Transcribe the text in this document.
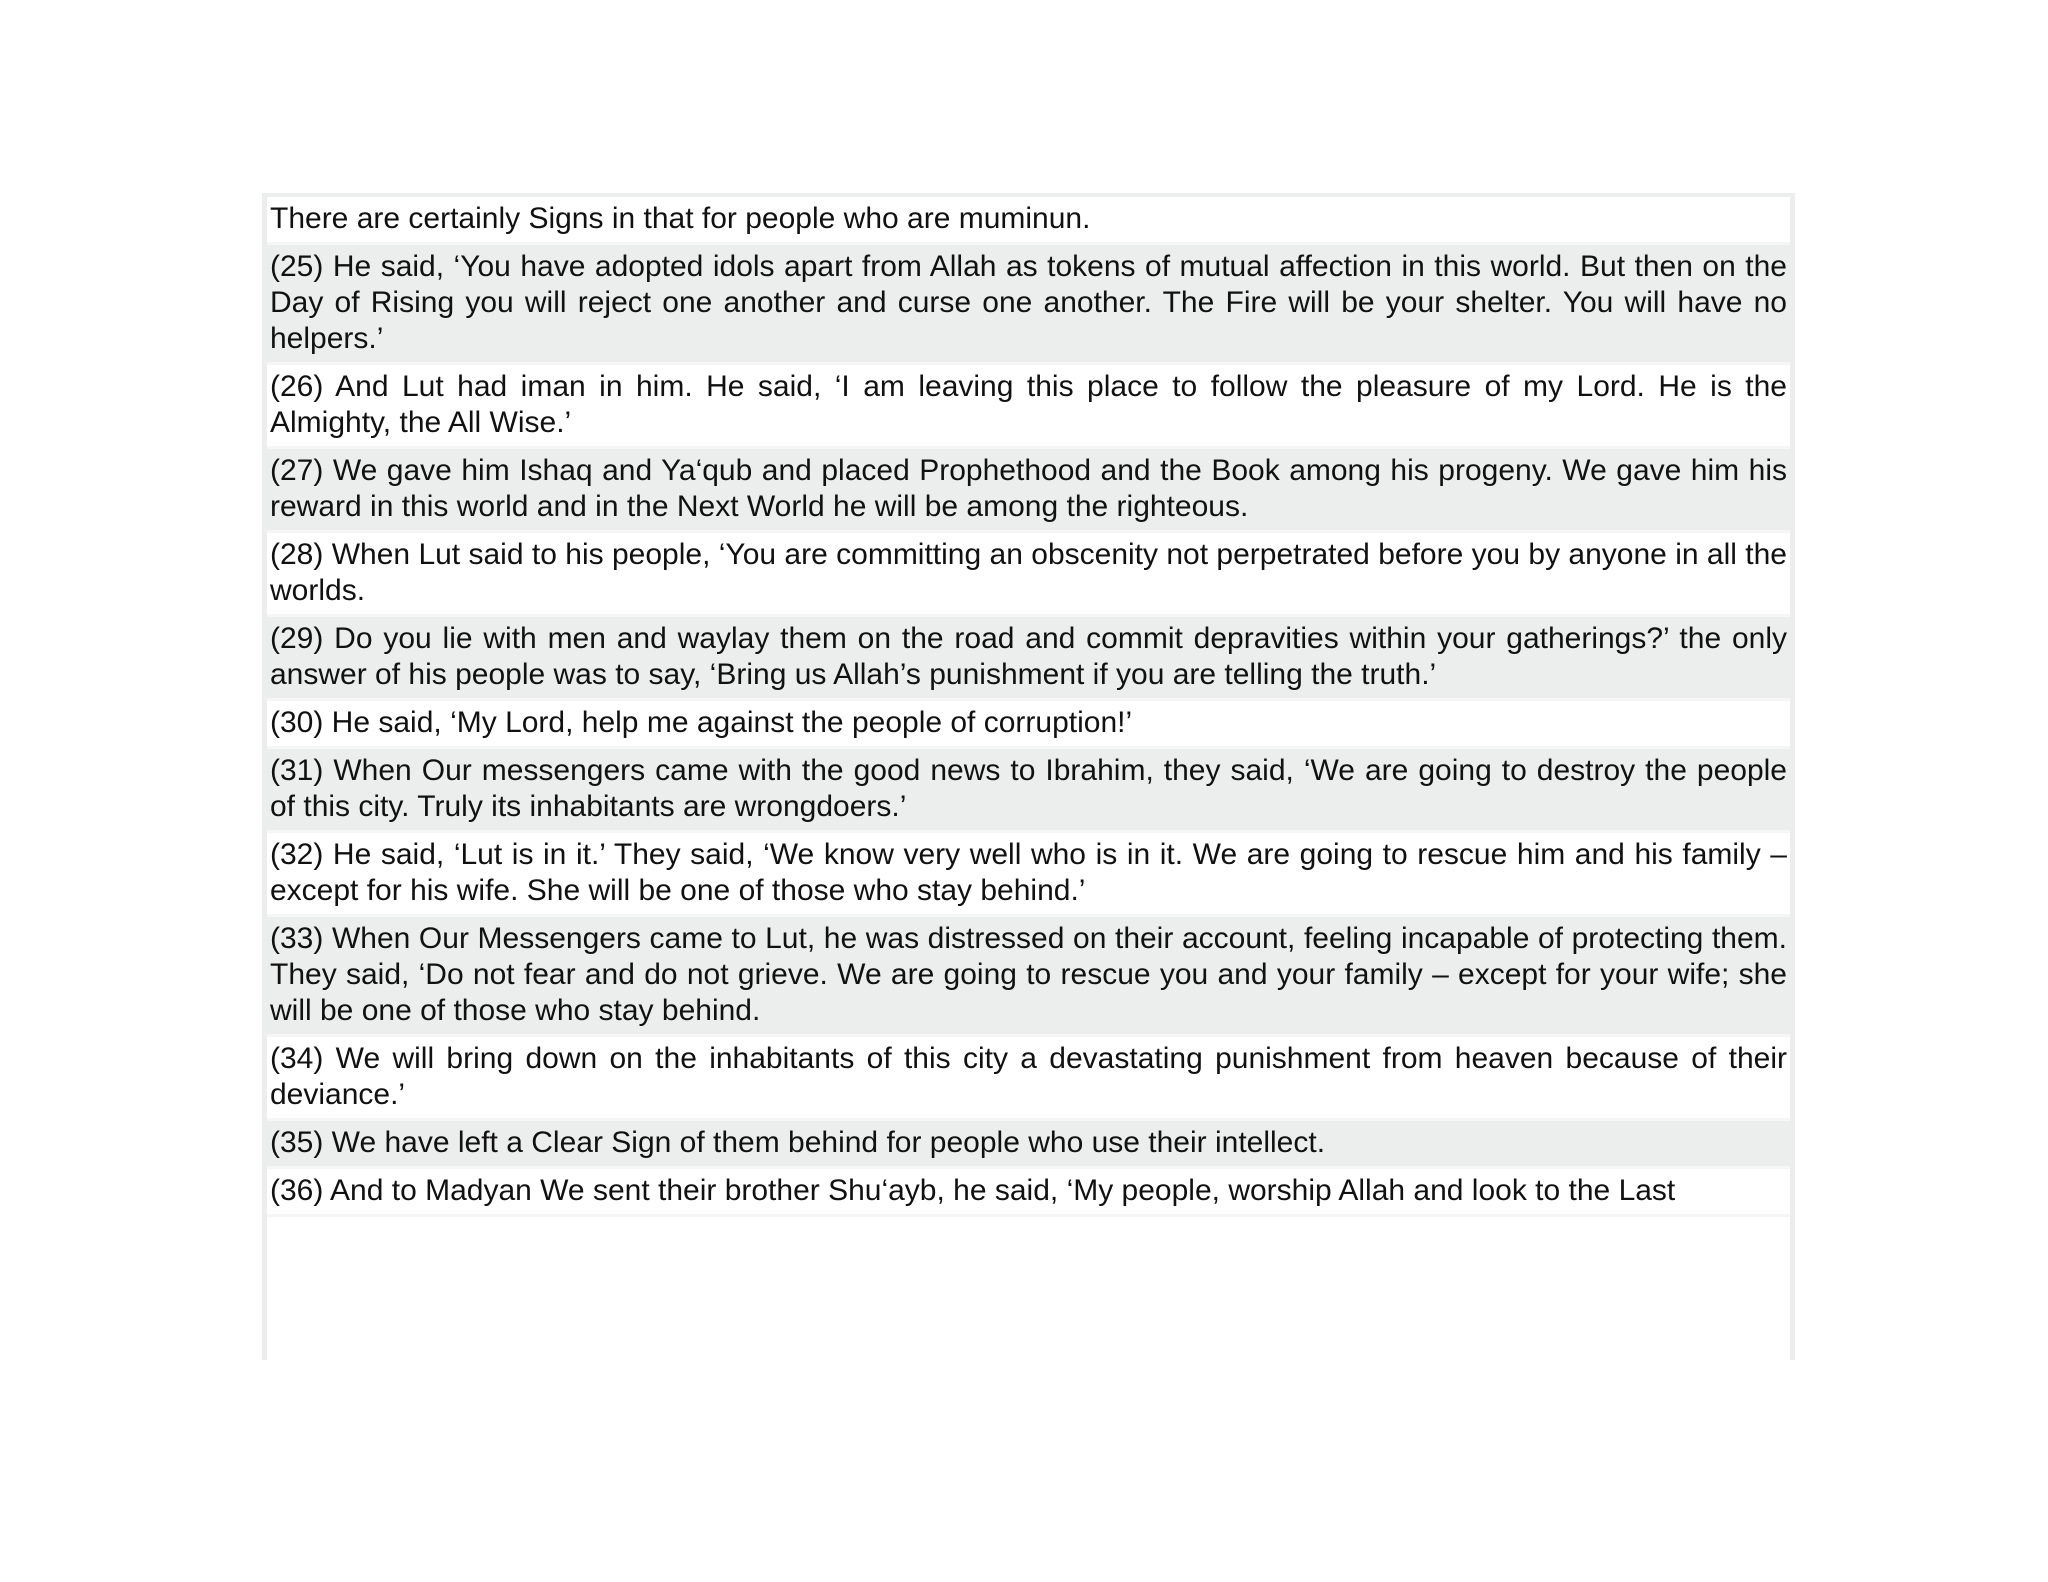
There are certainly Signs in that for people who are muminun.
(25) He said, ‘You have adopted idols apart from Allah as tokens of mutual affection in this world. But then on the Day of Rising you will reject one another and curse one another. The Fire will be your shelter. You will have no helpers.’
(26) And Lut had iman in him. He said, ‘I am leaving this place to follow the pleasure of my Lord. He is the Almighty, the All Wise.’
(27) We gave him Ishaq and Ya‘qub and placed Prophethood and the Book among his progeny. We gave him his reward in this world and in the Next World he will be among the righteous.
(28) When Lut said to his people, ‘You are committing an obscenity not perpetrated before you by anyone in all the worlds.
(29) Do you lie with men and waylay them on the road and commit depravities within your gatherings?’ the only answer of his people was to say, ‘Bring us Allah’s punishment if you are telling the truth.’
(30) He said, ‘My Lord, help me against the people of corruption!’
(31) When Our messengers came with the good news to Ibrahim, they said, ‘We are going to destroy the people of this city. Truly its inhabitants are wrongdoers.’
(32) He said, ‘Lut is in it.’ They said, ‘We know very well who is in it. We are going to rescue him and his family – except for his wife. She will be one of those who stay behind.’
(33) When Our Messengers came to Lut, he was distressed on their account, feeling incapable of protecting them. They said, ‘Do not fear and do not grieve. We are going to rescue you and your family – except for your wife; she will be one of those who stay behind.
(34) We will bring down on the inhabitants of this city a devastating punishment from heaven because of their deviance.’
(35) We have left a Clear Sign of them behind for people who use their intellect.
(36) And to Madyan We sent their brother Shu‘ayb, he said, ‘My people, worship Allah and look to the Last
